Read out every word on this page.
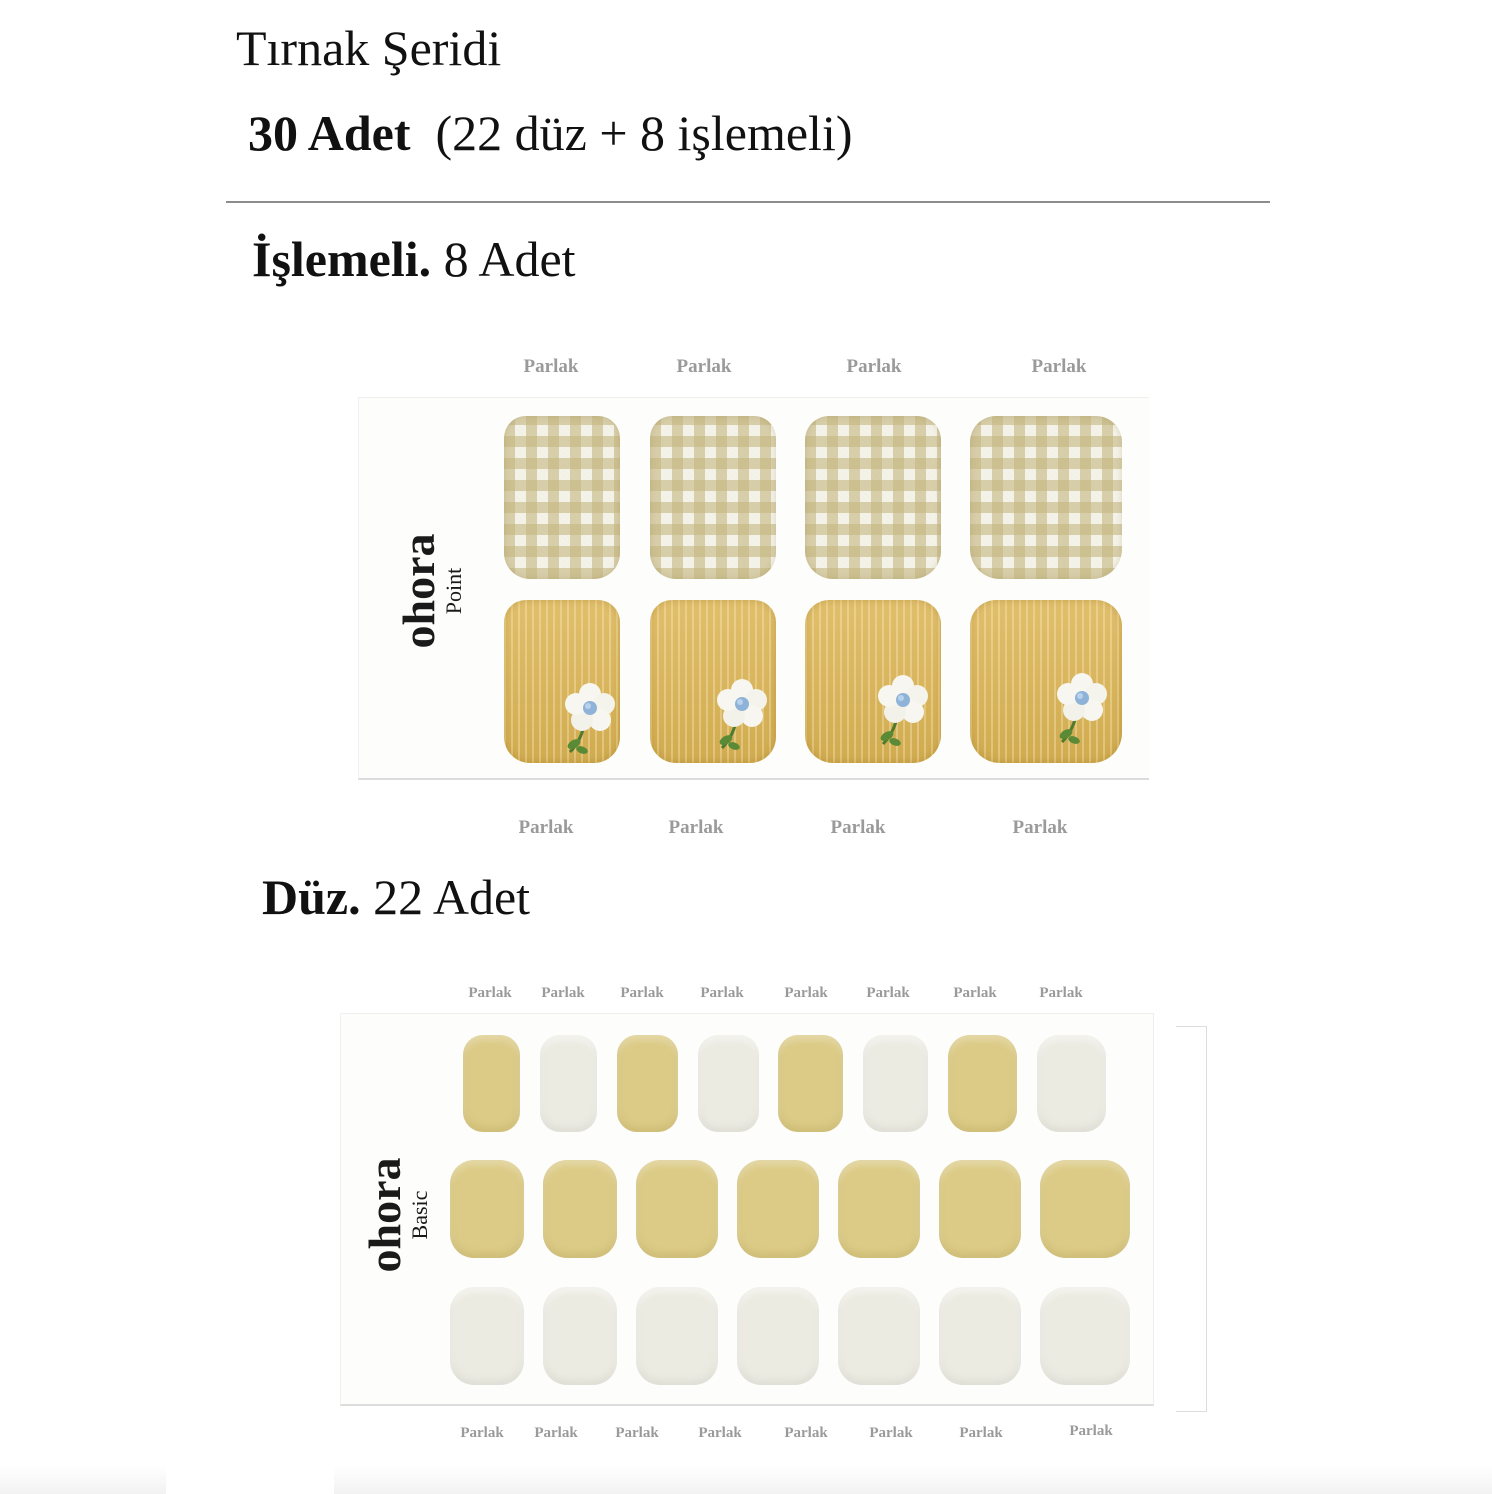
Tırnak Şeridi
30 Adet  (22 düz + 8 işlemeli)
İşlemeli. 8 Adet
Parlak	Parlak	Parlak	Parlak
ohora
Point
Parlak	Parlak	Parlak	Parlak
Düz. 22 Adet
Parlak Parlak Parlak Parlak	Parlak	Parlak	Parlak	Parlak
ohora
Basic
Parlak Parlak	Parlak	Parlak	Parlak	Parlak	Parlak	Parlak
